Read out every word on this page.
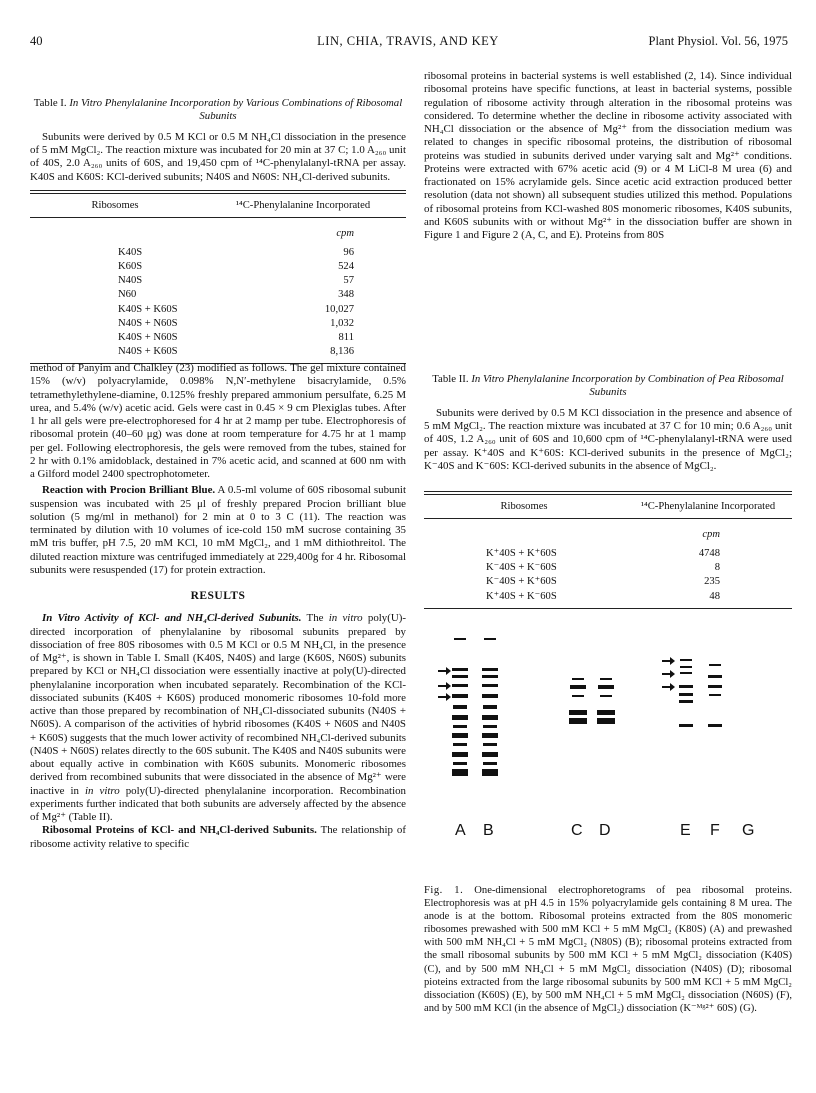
40	LIN, CHIA, TRAVIS, AND KEY	Plant Physiol. Vol. 56, 1975
Table I. In Vitro Phenylalanine Incorporation by Various Combinations of Ribosomal Subunits
Subunits were derived by 0.5 M KCl or 0.5 M NH₄Cl dissociation in the presence of 5 mM MgCl₂. The reaction mixture was incubated for 20 min at 37 C; 1.0 A₂₆₀ unit of 40S, 2.0 A₂₆₀ units of 60S, and 19,450 cpm of ¹⁴C-phenylalanyl-tRNA per assay. K40S and K60S: KCl-derived subunits; N40S and N60S: NH₄Cl-derived subunits.
Ribosomes	¹⁴C-Phenylalanine Incorporated
cpm
K40S	96
K60S	524
N40S	57
N60	348
K40S + K60S	10,027
N40S + N60S	1,032
K40S + N60S	811
N40S + K60S	8,136

method of Panyim and Chalkley (23) modified as follows. The gel mixture contained 15% (w/v) polyacrylamide, 0.098% N,N′-methylene bisacrylamide, 0.5% tetramethylethylene-diamine, 0.125% freshly prepared ammonium persulfate, 6.25 M urea, and 5.4% (w/v) acetic acid. Gels were cast in 0.45 × 9 cm Plexiglas tubes. After 1 hr all gels were pre-electrophoresed for 4 hr at 2 mamp per tube. Electrophoresis of ribosomal protein (40–60 μg) was done at room temperature for 4.75 hr at 1 mamp per gel. Following electrophoresis, the gels were removed from the tubes, stained for 2 hr with 0.1% amidoblack, destained in 7% acetic acid, and scanned at 600 nm with a Gilford model 2400 spectrophotometer.

Reaction with Procion Brilliant Blue. A 0.5-ml volume of 60S ribosomal subunit suspension was incubated with 25 μl of freshly prepared Procion brilliant blue solution (5 mg/ml in methanol) for 2 min at 0 to 3 C (11). The reaction was terminated by dilution with 10 volumes of ice-cold 150 mM sucrose containing 35 mM tris buffer, pH 7.5, 20 mM KCl, 10 mM MgCl₂, and 1 mM dithiothreitol. The diluted reaction mixture was centrifuged immediately at 229,400g for 4 hr. Ribosomal subunits were resuspended (17) for protein extraction.

RESULTS

In Vitro Activity of KCl- and NH₄Cl-derived Subunits. The in vitro poly(U)-directed incorporation of phenylalanine by ribosomal subunits prepared by dissociation of free 80S ribosomes with 0.5 M KCl or 0.5 M NH₄Cl, in the presence of Mg²⁺, is shown in Table I. Small (K40S, N40S) and large (K60S, N60S) subunits prepared by KCl or NH₄Cl dissociation were essentially inactive at poly(U)-directed phenylalanine incorporation when incubated separately. Recombination of the KCl-dissociated subunits (K40S + K60S) produced monomeric ribosomes 10-fold more active than those prepared by recombination of NH₄Cl-dissociated subunits (N40S + N60S). A comparison of the activities of hybrid ribosomes (K40S + N60S and N40S + K60S) suggests that the much lower activity of recombined NH₄Cl-derived subunits (N40S + N60S) relates directly to the 60S subunit. The K40S and N40S subunits were about equally active in combination with K60S subunits. Monomeric ribosomes derived from recombined subunits that were dissociated in the absence of Mg²⁺ were inactive in in vitro poly(U)-directed phenylalanine incorporation. Recombination experiments further indicated that both subunits are adversely affected by the absence of Mg²⁺ (Table II).

Ribosomal Proteins of KCl- and NH₄Cl-derived Subunits. The relationship of ribosome activity relative to specific

ribosomal proteins in bacterial systems is well established (2, 14). Since individual ribosomal proteins have specific functions, at least in bacterial systems, possible regulation of ribosome activity through alteration in the ribosomal proteins was considered. To determine whether the decline in ribosome activity associated with NH₄Cl dissociation or the absence of Mg²⁺ from the dissociation medium was related to changes in specific ribosomal proteins, the distribution of ribosomal proteins was studied in subunits derived under varying salt and Mg²⁺ conditions. Proteins were extracted with 67% acetic acid (9) or 4 M LiCl-8 M urea (6) and fractionated on 15% acrylamide gels. Since acetic acid extraction produced better resolution (data not shown) all subsequent studies utilized this method. Populations of ribosomal proteins from KCl-washed 80S monomeric ribosomes, K40S subunits, and K60S subunits with or without Mg²⁺ in the dissociation buffer are shown in Figure 1 and Figure 2 (A, C, and E). Proteins from 80S

Table II. In Vitro Phenylalanine Incorporation by Combination of Pea Ribosomal Subunits
Subunits were derived by 0.5 M KCl dissociation in the presence and absence of 5 mM MgCl₂. The reaction mixture was incubated at 37 C for 10 min; 0.6 A₂₆₀ unit of 40S, 1.2 A₂₆₀ unit of 60S and 10,600 cpm of ¹⁴C-phenylalanyl-tRNA were used per assay. K⁺40S and K⁺60S: KCl-derived subunits in the presence of MgCl₂; K⁻40S and K⁻60S: KCl-derived subunits in the absence of MgCl₂.
Ribosomes	¹⁴C-Phenylalanine Incorporated
cpm
K⁺40S + K⁺60S	4748
K⁻40S + K⁻60S	8
K⁻40S + K⁺60S	235
K⁺40S + K⁻60S	48
A B	C D	E F G
Fig. 1. One-dimensional electrophoretograms of pea ribosomal proteins. Electrophoresis was at pH 4.5 in 15% polyacrylamide gels containing 8 M urea. The anode is at the bottom. Ribosomal proteins extracted from the 80S monomeric ribosomes prewashed with 500 mM KCl + 5 mM MgCl₂ (K80S) (A) and prewashed with 500 mM NH₄Cl + 5 mM MgCl₂ (N80S) (B); ribosomal proteins extracted from the small ribosomal subunits by 500 mM KCl + 5 mM MgCl₂ dissociation (K40S) (C), and by 500 mM NH₄Cl + 5 mM MgCl₂ dissociation (N40S) (D); ribosomal pioteins extracted from the large ribosomal subunits by 500 mM KCl + 5 mM MgCl₂ dissociation (K60S) (E), by 500 mM NH₄Cl + 5 mM MgCl₂ dissociation (N60S) (F), and by 500 mM KCl (in the absence of MgCl₂) dissociation (K⁻ᴹᵍ²⁺ 60S) (G).
